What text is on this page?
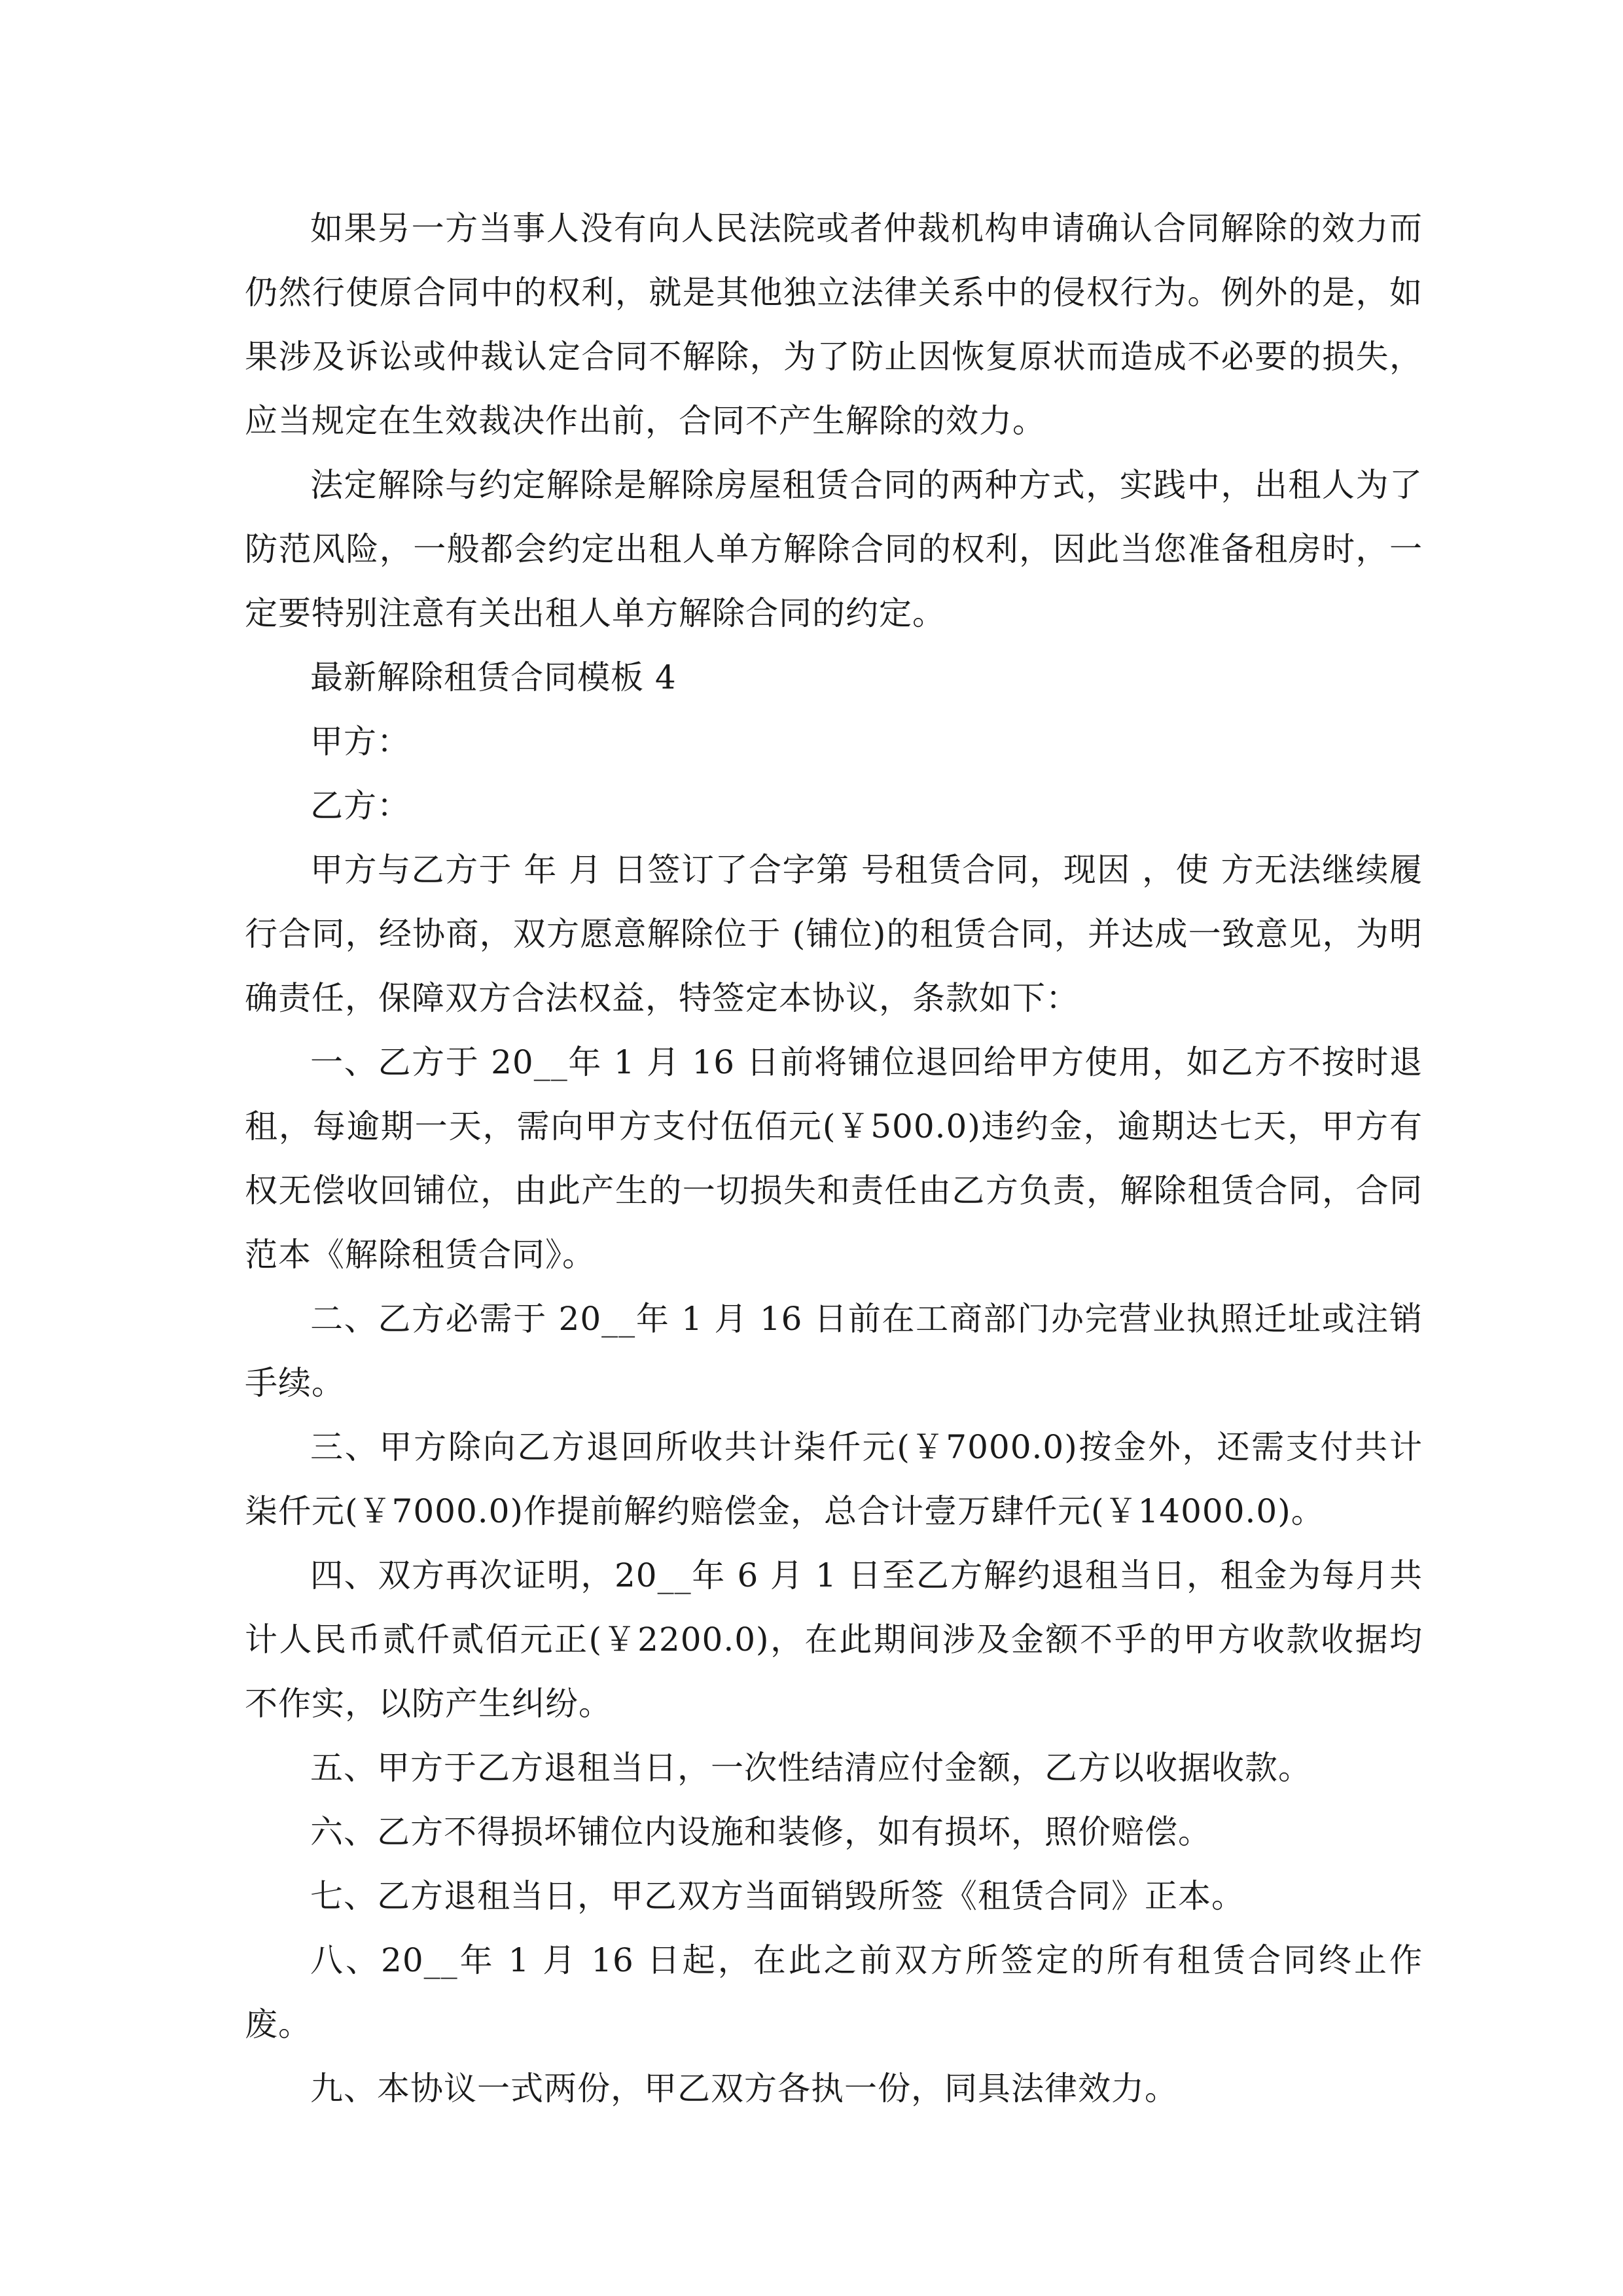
如果另一方当事人没有向人民法院或者仲裁机构申请确认合同解除的效力而仍然行使原合同中的权利，就是其他独立法律关系中的侵权行为。例外的是，如果涉及诉讼或仲裁认定合同不解除，为了防止因恢复原状而造成不必要的损失，应当规定在生效裁决作出前，合同不产生解除的效力。

法定解除与约定解除是解除房屋租赁合同的两种方式，实践中，出租人为了防范风险，一般都会约定出租人单方解除合同的权利，因此当您准备租房时，一定要特别注意有关出租人单方解除合同的约定。

最新解除租赁合同模板 4

甲方：

乙方：

甲方与乙方于 年 月 日签订了合字第 号租赁合同，现因 ，使 方无法继续履行合同，经协商，双方愿意解除位于 (铺位)的租赁合同，并达成一致意见，为明确责任，保障双方合法权益，特签定本协议，条款如下：

一、乙方于 20__年 1 月 16 日前将铺位退回给甲方使用，如乙方不按时退租，每逾期一天，需向甲方支付伍佰元(￥500.0)违约金，逾期达七天，甲方有权无偿收回铺位，由此产生的一切损失和责任由乙方负责，解除租赁合同，合同范本《解除租赁合同》。

二、乙方必需于 20__年 1 月 16 日前在工商部门办完营业执照迁址或注销手续。

三、甲方除向乙方退回所收共计柒仟元(￥7000.0)按金外，还需支付共计柒仟元(￥7000.0)作提前解约赔偿金，总合计壹万肆仟元(￥14000.0)。

四、双方再次证明，20__年 6 月 1 日至乙方解约退租当日，租金为每月共计人民币贰仟贰佰元正(￥2200.0)，在此期间涉及金额不乎的甲方收款收据均不作实，以防产生纠纷。

五、甲方于乙方退租当日，一次性结清应付金额，乙方以收据收款。

六、乙方不得损坏铺位内设施和装修，如有损坏，照价赔偿。

七、乙方退租当日，甲乙双方当面销毁所签《租赁合同》正本。

八、20__年 1 月 16 日起，在此之前双方所签定的所有租赁合同终止作废。

九、本协议一式两份，甲乙双方各执一份，同具法律效力。
